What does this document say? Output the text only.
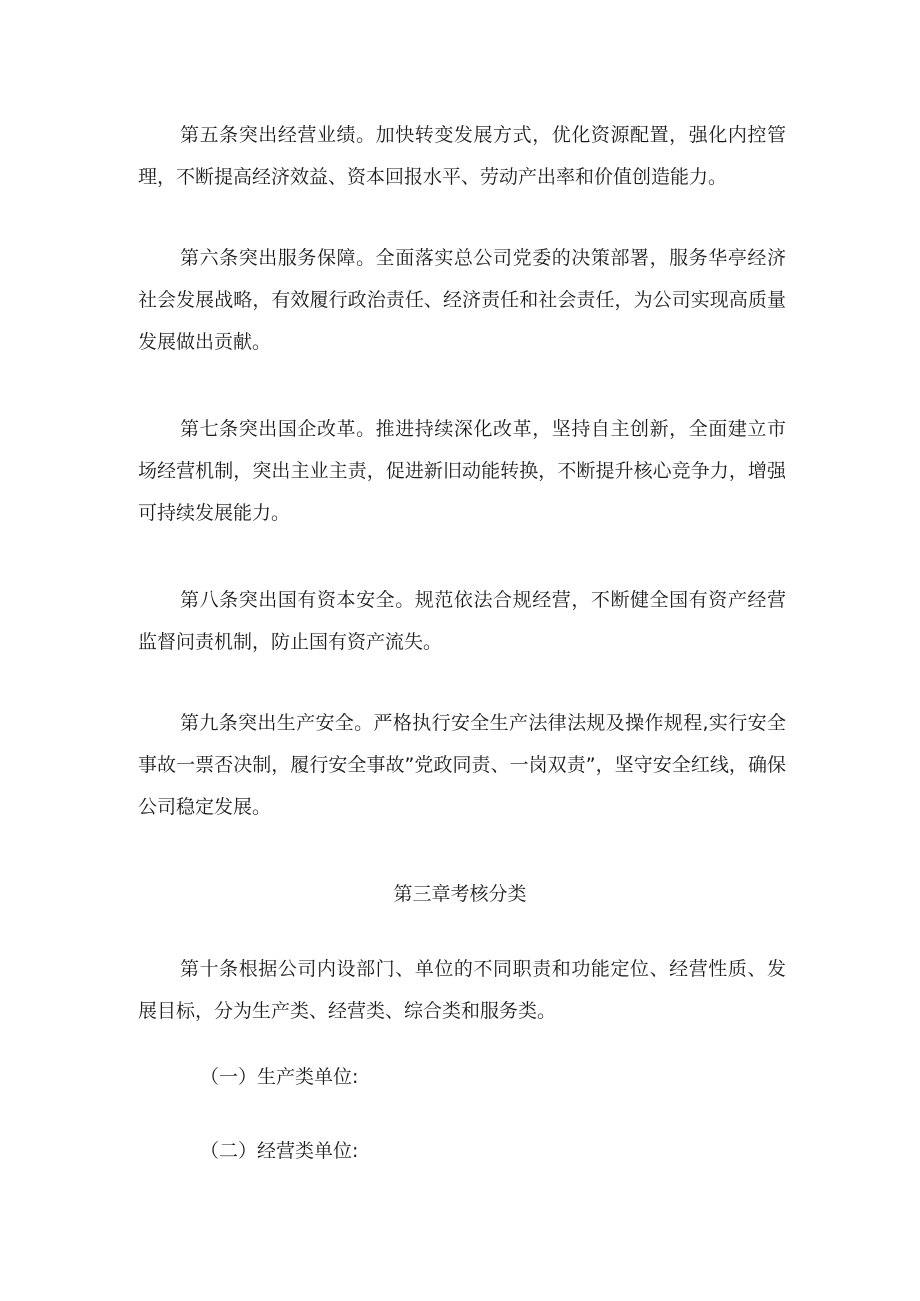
第五条突出经营业绩。加快转变发展方式，优化资源配置，强化内控管理，不断提高经济效益、资本回报水平、劳动产出率和价值创造能力。

第六条突出服务保障。全面落实总公司党委的决策部署，服务华亭经济社会发展战略，有效履行政治责任、经济责任和社会责任，为公司实现高质量发展做出贡献。

第七条突出国企改革。推进持续深化改革，坚持自主创新，全面建立市场经营机制，突出主业主责，促进新旧动能转换，不断提升核心竞争力，增强可持续发展能力。

第八条突出国有资本安全。规范依法合规经营，不断健全国有资产经营监督问责机制，防止国有资产流失。

第九条突出生产安全。严格执行安全生产法律法规及操作规程,实行安全事故一票否决制，履行安全事故”党政同责、一岗双责”，坚守安全红线，确保公司稳定发展。

第三章考核分类

第十条根据公司内设部门、单位的不同职责和功能定位、经营性质、发展目标，分为生产类、经营类、综合类和服务类。

（一）生产类单位:

（二）经营类单位:
